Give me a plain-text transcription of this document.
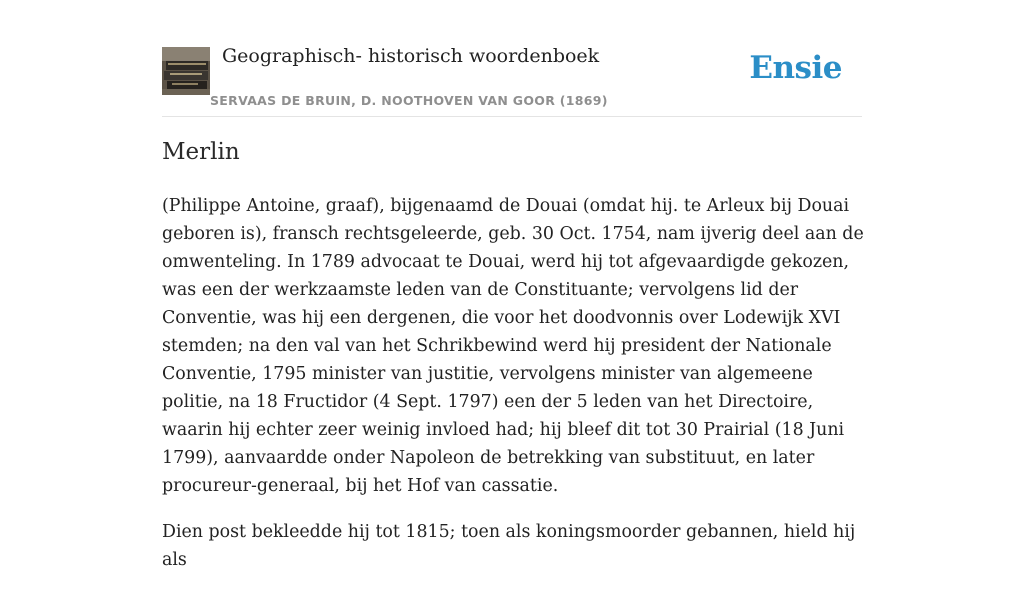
Geographisch- historisch woordenboek
SERVAAS DE BRUIN, D. NOOTHOVEN VAN GOOR (1869)
Ensie
Merlin

(Philippe Antoine, graaf), bijgenaamd de Douai (omdat hij. te Arleux bij Douai geboren is), fransch rechtsgeleerde, geb. 30 Oct. 1754, nam ijverig deel aan de omwenteling. In 1789 advocaat te Douai, werd hij tot afgevaardigde gekozen, was een der werkzaamste leden van de Constituante; vervolgens lid der Conventie, was hij een dergenen, die voor het doodvonnis over Lodewijk XVI stemden; na den val van het Schrikbewind werd hij president der Nationale Conventie, 1795 minister van justitie, vervolgens minister van algemeene politie, na 18 Fructidor (4 Sept. 1797) een der 5 leden van het Directoire, waarin hij echter zeer weinig invloed had; hij bleef dit tot 30 Prairial (18 Juni 1799), aanvaardde onder Napoleon de betrekking van substituut, en later procureur-generaal, bij het Hof van cassatie.

Dien post bekleedde hij tot 1815; toen als koningsmoorder gebannen, hield hij als
